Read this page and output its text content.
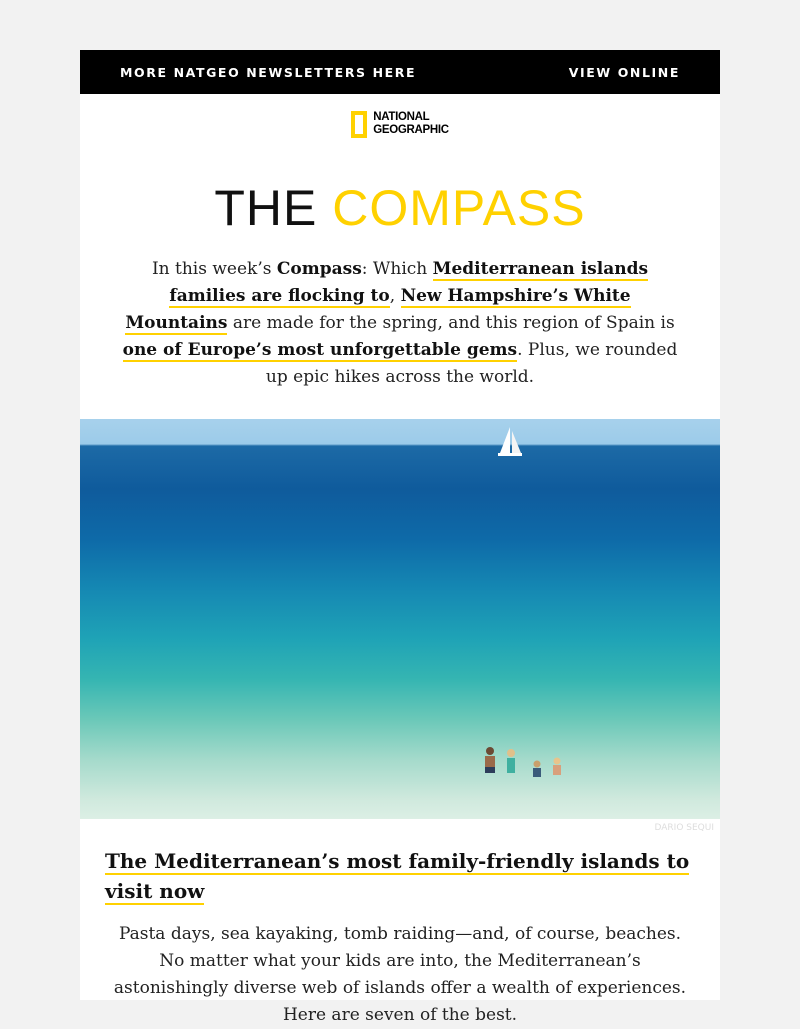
MORE NATGEO NEWSLETTERS HERE	VIEW ONLINE
NATIONAL
GEOGRAPHIC
THE COMPASS
In this week’s Compass: Which Mediterranean islands families are flocking to, New Hampshire’s White Mountains are made for the spring, and this region of Spain is one of Europe’s most unforgettable gems. Plus, we rounded up epic hikes across the world.
DARIO SEQUI
The Mediterranean’s most family-friendly islands to visit now
Pasta days, sea kayaking, tomb raiding—and, of course, beaches. No matter what your kids are into, the Mediterranean’s astonishingly diverse web of islands offer a wealth of experiences. Here are seven of the best.
